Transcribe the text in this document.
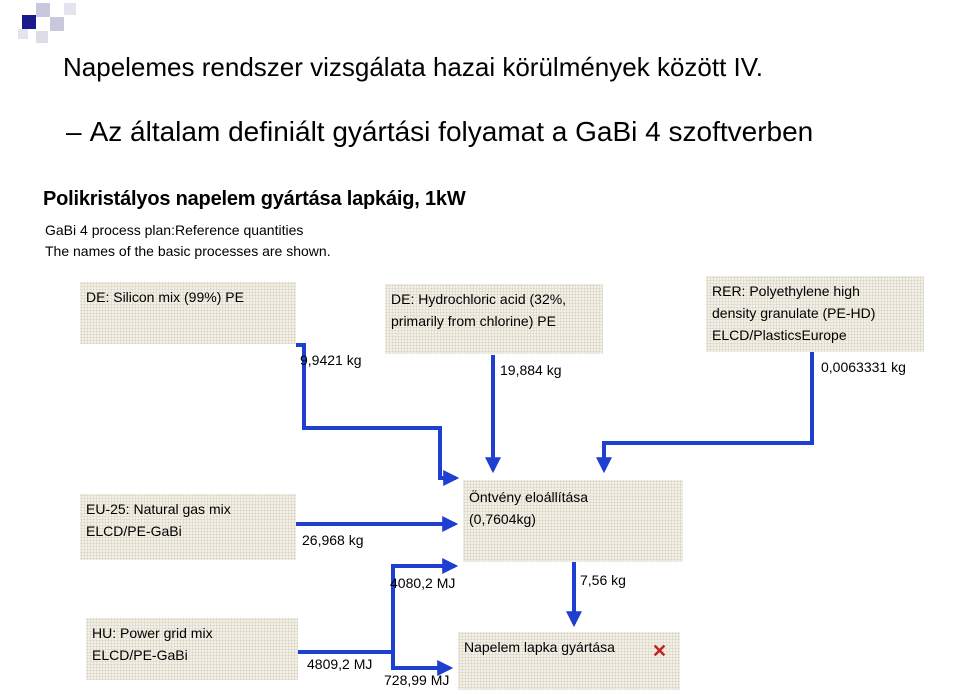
Napelemes rendszer vizsgálata hazai körülmények között IV.
– Az általam definiált gyártási folyamat a GaBi 4 szoftverben
Polikristályos napelem gyártása lapkáig, 1kW
GaBi 4 process plan:Reference quantities
The names of the basic processes are shown.
DE: Silicon mix (99%) PE	DE: Hydrochloric acid (32%,
primarily from chlorine) PE
RER: Polyethylene high
density granulate (PE-HD)
ELCD/PlasticsEurope
EU-25: Natural gas mix
ELCD/PE-GaBi
Öntvény eloállítása
(0,7604kg)
HU: Power grid mix
ELCD/PE-GaBi	Napelem lapka gyártása	✕
9,9421 kg
19,884 kg	0,0063331 kg
26,968 kg
4080,2 MJ	7,56 kg
4809,2 MJ
728,99 MJ
